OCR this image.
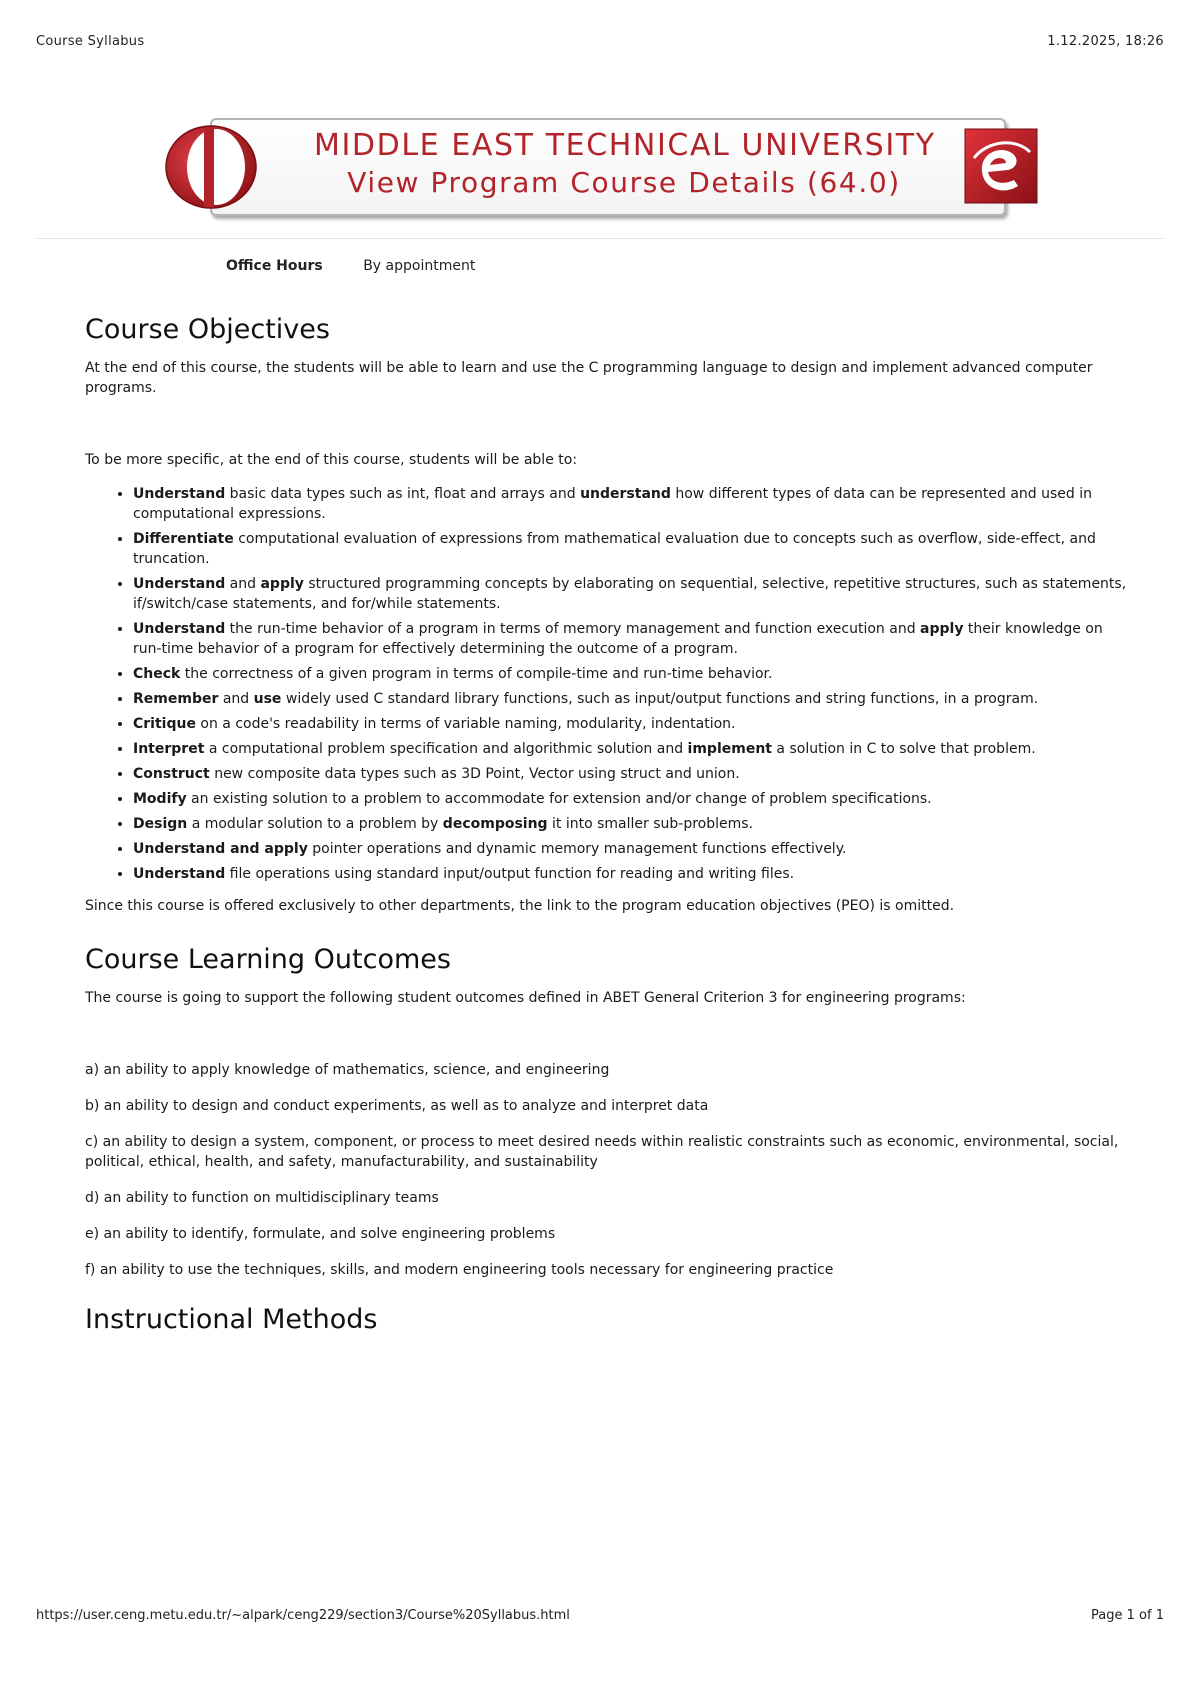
Course Syllabus	1.12.2025, 18:26
MIDDLE EAST TECHNICAL UNIVERSITY
View Program Course Details (64.0)
Office Hours	By appointment
Course Objectives

At the end of this course, the students will be able to learn and use the C programming language to design and implement advanced computer programs.

To be more specific, at the end of this course, students will be able to:

• Understand basic data types such as int, float and arrays and understand how different types of data can be represented and used in computational expressions.
• Differentiate computational evaluation of expressions from mathematical evaluation due to concepts such as overflow, side-effect, and truncation.
• Understand and apply structured programming concepts by elaborating on sequential, selective, repetitive structures, such as statements, if/switch/case statements, and for/while statements.
• Understand the run-time behavior of a program in terms of memory management and function execution and apply their knowledge on run-time behavior of a program for effectively determining the outcome of a program.
• Check the correctness of a given program in terms of compile-time and run-time behavior.
• Remember and use widely used C standard library functions, such as input/output functions and string functions, in a program.
• Critique on a code's readability in terms of variable naming, modularity, indentation.
• Interpret a computational problem specification and algorithmic solution and implement a solution in C to solve that problem.
• Construct new composite data types such as 3D Point, Vector using struct and union.
• Modify an existing solution to a problem to accommodate for extension and/or change of problem specifications.
• Design a modular solution to a problem by decomposing it into smaller sub-problems.
• Understand and apply pointer operations and dynamic memory management functions effectively.
• Understand file operations using standard input/output function for reading and writing files.

Since this course is offered exclusively to other departments, the link to the program education objectives (PEO) is omitted.

Course Learning Outcomes

The course is going to support the following student outcomes defined in ABET General Criterion 3 for engineering programs:

a) an ability to apply knowledge of mathematics, science, and engineering

b) an ability to design and conduct experiments, as well as to analyze and interpret data

c) an ability to design a system, component, or process to meet desired needs within realistic constraints such as economic, environmental, social, political, ethical, health, and safety, manufacturability, and sustainability

d) an ability to function on multidisciplinary teams

e) an ability to identify, formulate, and solve engineering problems

f) an ability to use the techniques, skills, and modern engineering tools necessary for engineering practice

Instructional Methods
https://user.ceng.metu.edu.tr/~alpark/ceng229/section3/Course%20Syllabus.html	Page 1 of 1
